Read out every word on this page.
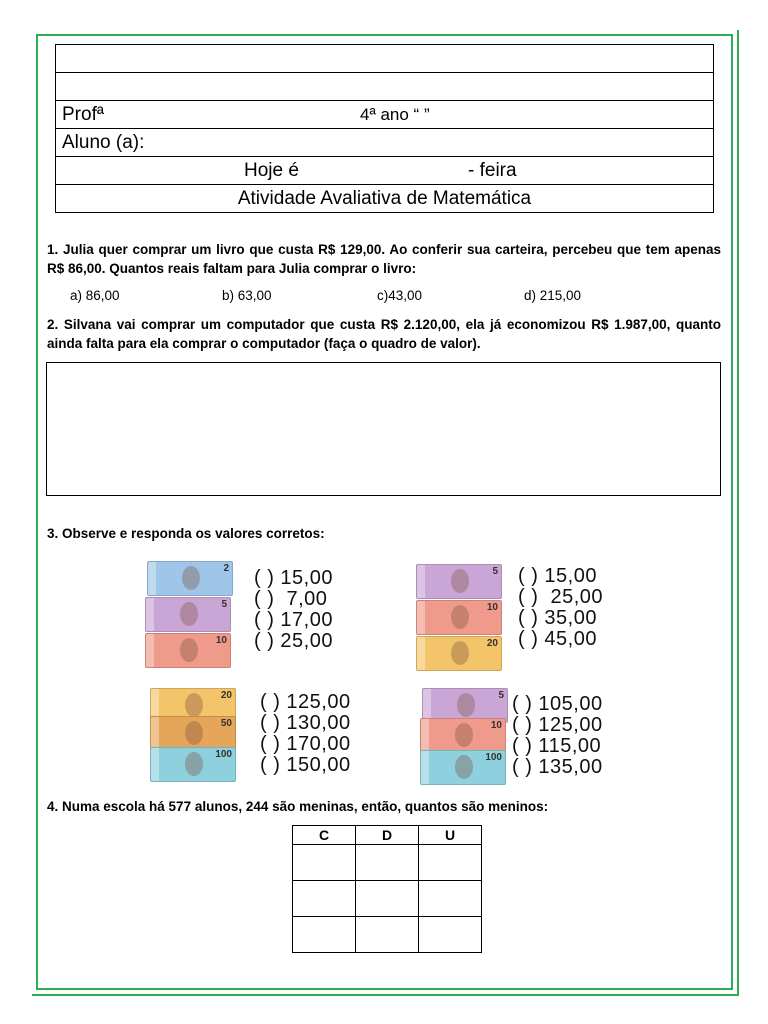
Profª	4ª ano “ ”

Aluno (a):

Hoje é	- feira

Atividade Avaliativa de Matemática
1. Julia quer comprar um livro que custa R$ 129,00. Ao conferir sua carteira, percebeu que tem apenas R$ 86,00. Quantos reais faltam para Julia comprar o livro:
a) 86,00	b) 63,00	c)43,00	d) 215,00
2. Silvana vai comprar um computador que custa R$ 2.120,00, ela já economizou R$ 1.987,00, quanto ainda falta para ela comprar o computador (faça o quadro de valor).
3. Observe e responda os valores corretos:
2
5
10
( ) 15,00
( )  7,00
( ) 17,00
( ) 25,00
5
10
20
( ) 15,00
( )  25,00
( ) 35,00
( ) 45,00
20
50
100
( ) 125,00
( ) 130,00
( ) 170,00
( ) 150,00
5
10
100
( ) 105,00
( ) 125,00
( ) 115,00
( ) 135,00
4. Numa escola há 577 alunos, 244 são meninas, então, quantos são meninos:
C	D	U
